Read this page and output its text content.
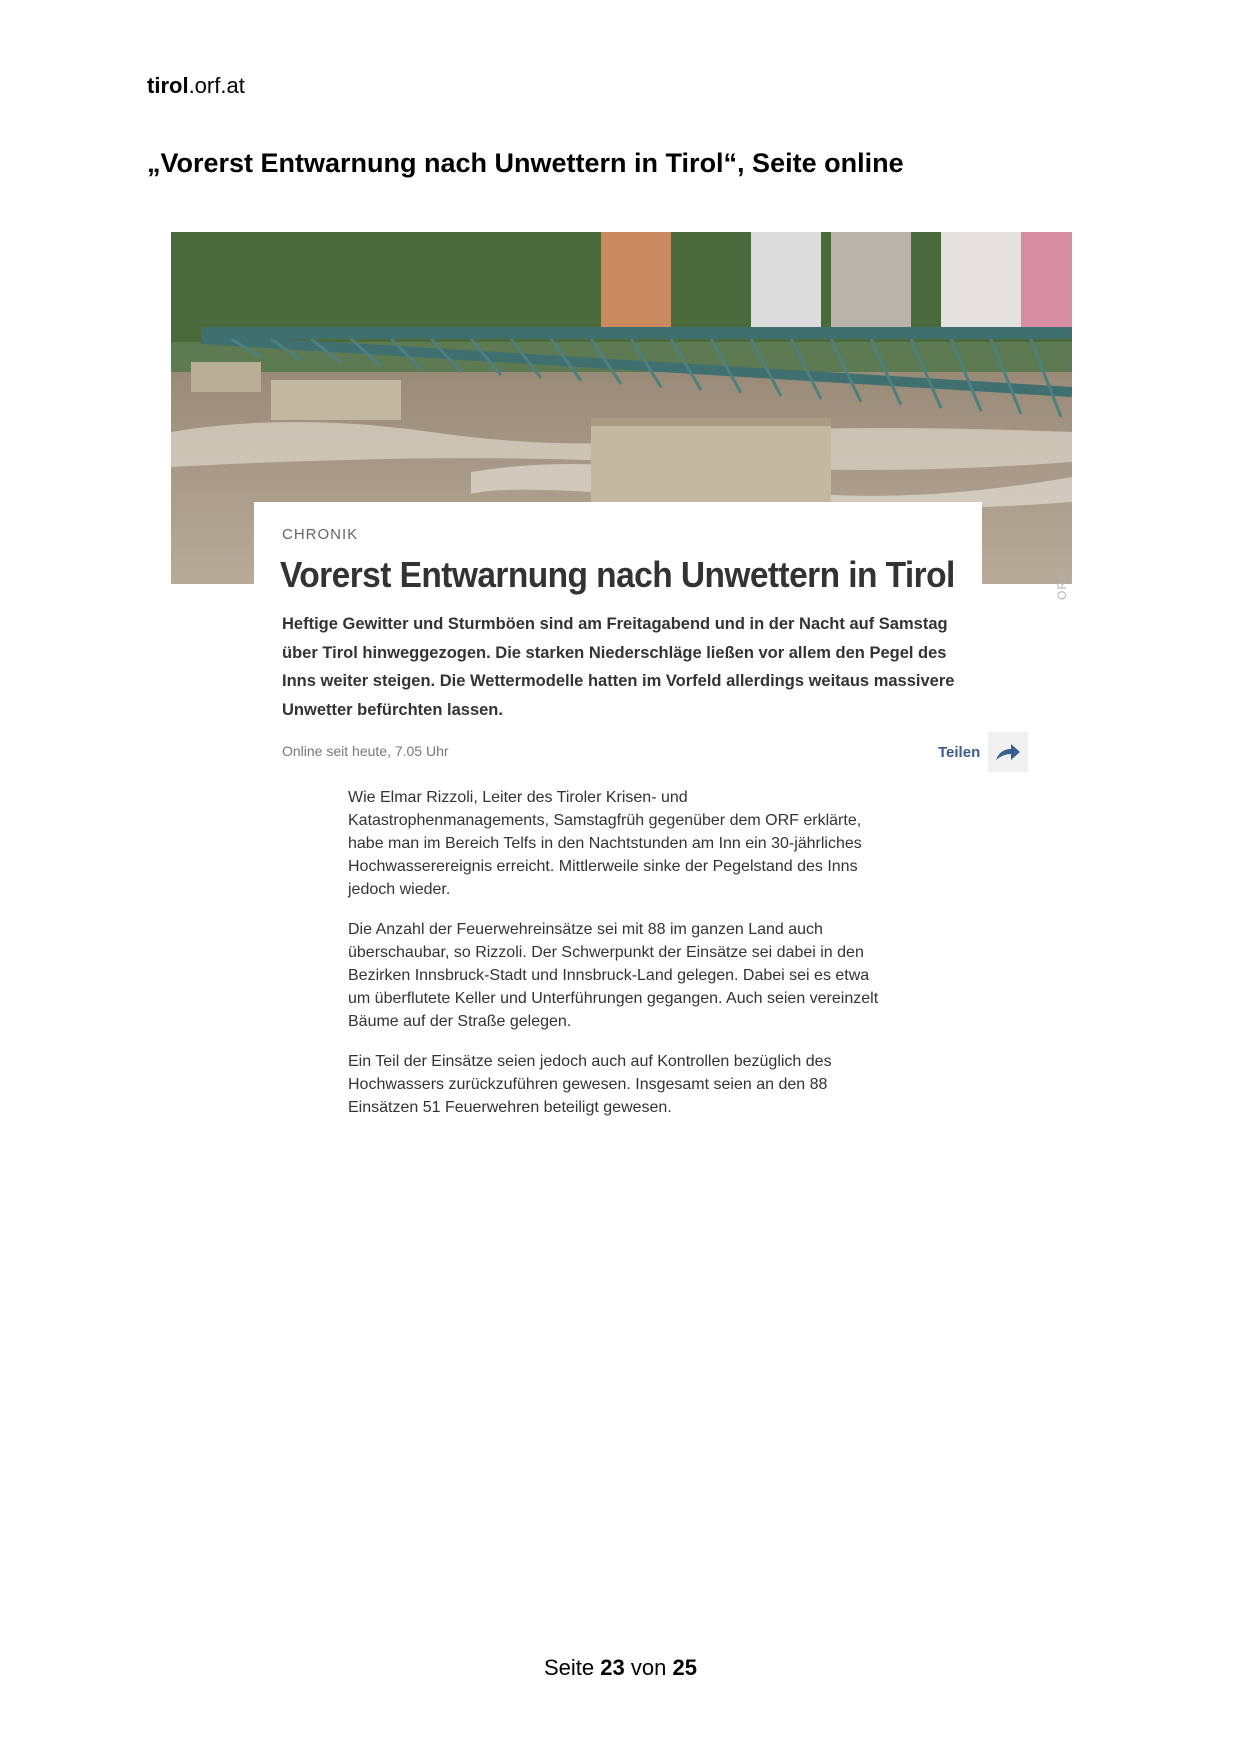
tirol.orf.at
„Vorerst Entwarnung nach Unwettern in Tirol“, Seite online
ORF
CHRONIK
Vorerst Entwarnung nach Unwettern in Tirol

Heftige Gewitter und Sturmböen sind am Freitagabend und in der Nacht auf Samstag über Tirol hinweggezogen. Die starken Niederschläge ließen vor allem den Pegel des Inns weiter steigen. Die Wettermodelle hatten im Vorfeld allerdings weitaus massivere Unwetter befürchten lassen.

Online seit heute, 7.05 Uhr	Teilen

Wie Elmar Rizzoli, Leiter des Tiroler Krisen- und Katastrophenmanagements, Samstagfrüh gegenüber dem ORF erklärte, habe man im Bereich Telfs in den Nachtstunden am Inn ein 30-jährliches Hochwasserereignis erreicht. Mittlerweile sinke der Pegelstand des Inns jedoch wieder.

Die Anzahl der Feuerwehreinsätze sei mit 88 im ganzen Land auch überschaubar, so Rizzoli. Der Schwerpunkt der Einsätze sei dabei in den Bezirken Innsbruck-Stadt und Innsbruck-Land gelegen. Dabei sei es etwa um überflutete Keller und Unterführungen gegangen. Auch seien vereinzelt Bäume auf der Straße gelegen.

Ein Teil der Einsätze seien jedoch auch auf Kontrollen bezüglich des Hochwassers zurückzuführen gewesen. Insgesamt seien an den 88 Einsätzen 51 Feuerwehren beteiligt gewesen.

Seite 23 von 25
